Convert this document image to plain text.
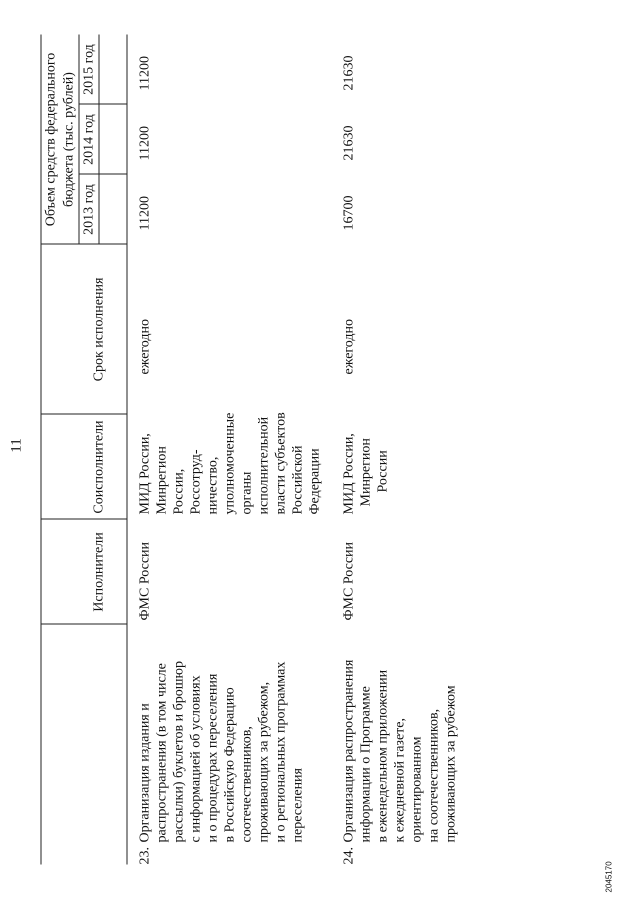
11
Исполнители
Соисполнители
Срок исполнения
Объем средств федерального бюджета (тыс. рублей)
2013 год
2014 год
2015 год
23.
Организация издания и распространения (в том числе рассылки) буклетов и брошюр с информацией об условиях и о процедурах переселения в Российскую Федерацию соотечественников, проживающих за рубежом, и о региональных программах переселения
ФМС России
МИД России, Минрегион России, Россотруд- ничество, уполномоченные органы исполнительной власти субъектов Российской Федерации
ежегодно
11200
11200
11200
24.
Организация распространения информации о Программе в еженедельном приложении к ежедневной газете, ориентированном на соотечественников, проживающих за рубежом
ФМС России
МИД России, Минрегион России
ежегодно
16700
21630
21630
2045170
